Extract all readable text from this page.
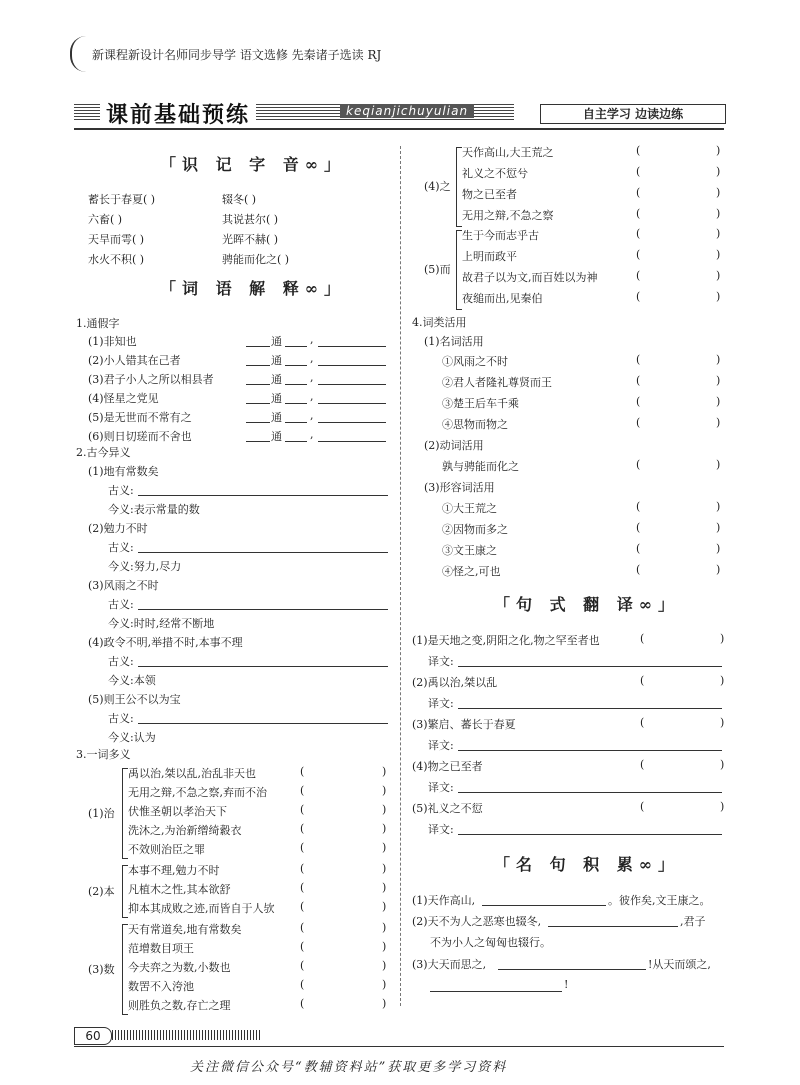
新课程新设计名师同步导学 语文选修 先秦诸子选读 RJ
课前基础预练	keqianjichuyulian	自主学习 边读边练
「识 记 字 音∞」
「词 语 解 释∞」
「句 式 翻 译∞」
「名 句 积 累∞」
60
关注微信公众号“教辅资料站”获取更多学习资料
蓄长于春夏( )	辍冬( )
六畜( )	其说甚尔( )
天旱而雩( )	光晖不赫( )
水火不积( )	骋能而化之( )
1.通假字
(1)非知也	通	,
(2)小人错其在己者	通	,
(3)君子小人之所以相县者	通	,
(4)怪星之党见	通	,
(5)是无世而不常有之	通	,
(6)则日切瑳而不舍也	通	,
2.古今异义
(1)地有常数矣
古义:
今义:表示常量的数
(2)勉力不时
古义:
今义:努力,尽力
(3)风雨之不时
古义:
今义:时时,经常不断地
(4)政令不明,举措不时,本事不理
古义:
今义:本领
(5)则王公不以为宝
古义:
今义:认为
3.一词多义
(1)治
禹以治,桀以乱,治乱非天也	(	)
无用之辩,不急之察,弃而不治	(	)
伏惟圣朝以孝治天下	(	)
洗沐之,为治新缯绮縠衣	(	)
不效则治臣之罪	(	)
(2)本
本事不理,勉力不时	(	)
凡植木之性,其本欲舒	(	)
抑本其成败之迹,而皆自于人欤 (	)
(3)数
天有常道矣,地有常数矣	(	)
范增数目项王	(	)
今夫弈之为数,小数也	(	)
数罟不入洿池	(	)
则胜负之数,存亡之理	(	)
(4)之
天作高山,大王荒之	(	)
礼义之不愆兮	(	)
物之已至者	(	)
无用之辩,不急之察	(	)
(5)而
生于今而志乎古	(	)
上明而政平	(	)
故君子以为文,而百姓以为神	(	)
夜缒而出,见秦伯	(	)
4.词类活用
(1)名词活用
①风雨之不时	(	)
②君人者隆礼尊贤而王	(	)
③楚王后车千乘	(	)
④思物而物之	(	)
(2)动词活用
孰与骋能而化之	(	)
(3)形容词活用
①大王荒之	(	)
②因物而多之	(	)
③文王康之	(	)
④怪之,可也	(	)
(1)是天地之变,阴阳之化,物之罕至者也	(	)
译文:
(2)禹以治,桀以乱	(	)
译文:
(3)繁启、蕃长于春夏	(	)
译文:
(4)物之已至者	(	)
译文:
(5)礼义之不愆	(	)
译文:
(1)天作高山,	。彼作矣,文王康之。
(2)天不为人之恶寒也辍冬,	,君子
不为小人之匈匈也辍行。
(3)大天而思之,	!从天而颂之,
!
